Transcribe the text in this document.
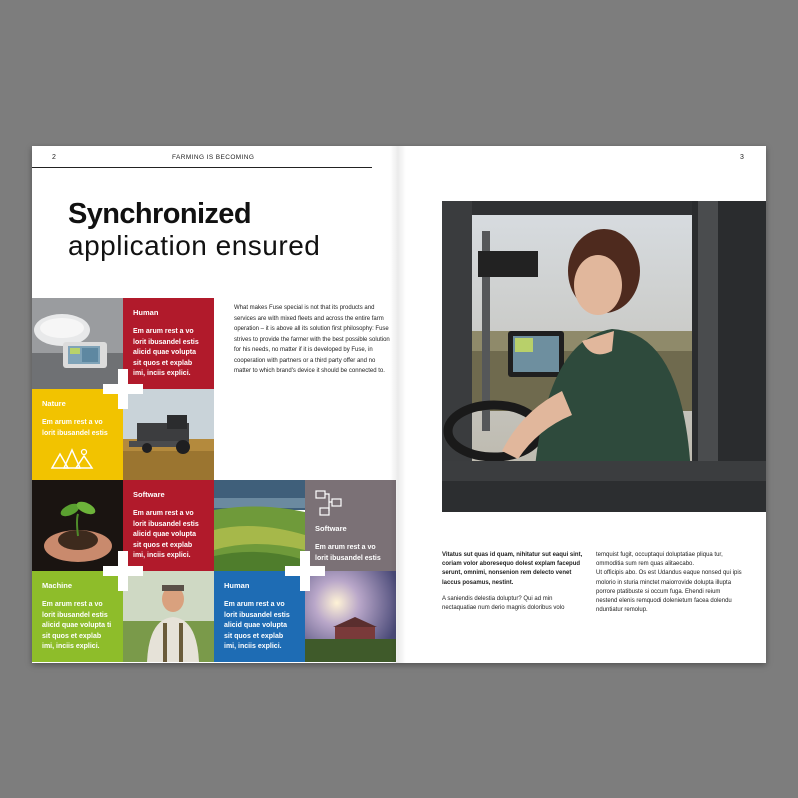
2	FARMING IS BECOMING
Synchronized
application ensured
What makes Fuse special is not that its products and services are with mixed fleets and across the entire farm operation – it is above all its solution first philosophy: Fuse strives to provide the farmer with the best possible solution for his needs, no matter if it is developed by Fuse, in cooperation with partners or a third party offer and no matter to which brand's device it should be connected to.
Human
Em arum rest a vo lorit ibusandel estis alicid quae volupta sit quos et explab imi, inciis explici.
Nature
Em arum rest a vo lorit ibusandel estis
Software
Em arum rest a vo lorit ibusandel estis alicid quae volupta sit quos et explab imi, inciis explici.
Software
Em arum rest a vo lorit ibusandel estis
Machine
Em arum rest a vo lorit ibusandel estis alicid quae volupta ti sit quos et explab imi, inciis explici.
Human
Em arum rest a vo lorit ibusandel estis alicid quae volupta sit quos et explab imi, inciis explici.
3

Vitatus sut quas id quam, nihitatur sut eaqui sint, coriam volor aboresequo dolest explam facepud serunt, omnimi, nonsenion rem delecto venet laccus posamus, nestint.

A saniendis delestia doluptur? Qui ad min nectaquatiae num derio magnis doloribus volo

temquist fugit, occuptaqui doluptatiae pliqua tur, ommoditia sum rem quas alitaecabo.

Ut officipis abo. Os est Udandus eaque nonsed qui ipis molorio in sturia minctet maiorrovide dolupta illupta porrore ptatibuste si occum fuga. Ehendi reium nestend elenis remquodi dolenietum facea dolendu nduntiatur remolup.
